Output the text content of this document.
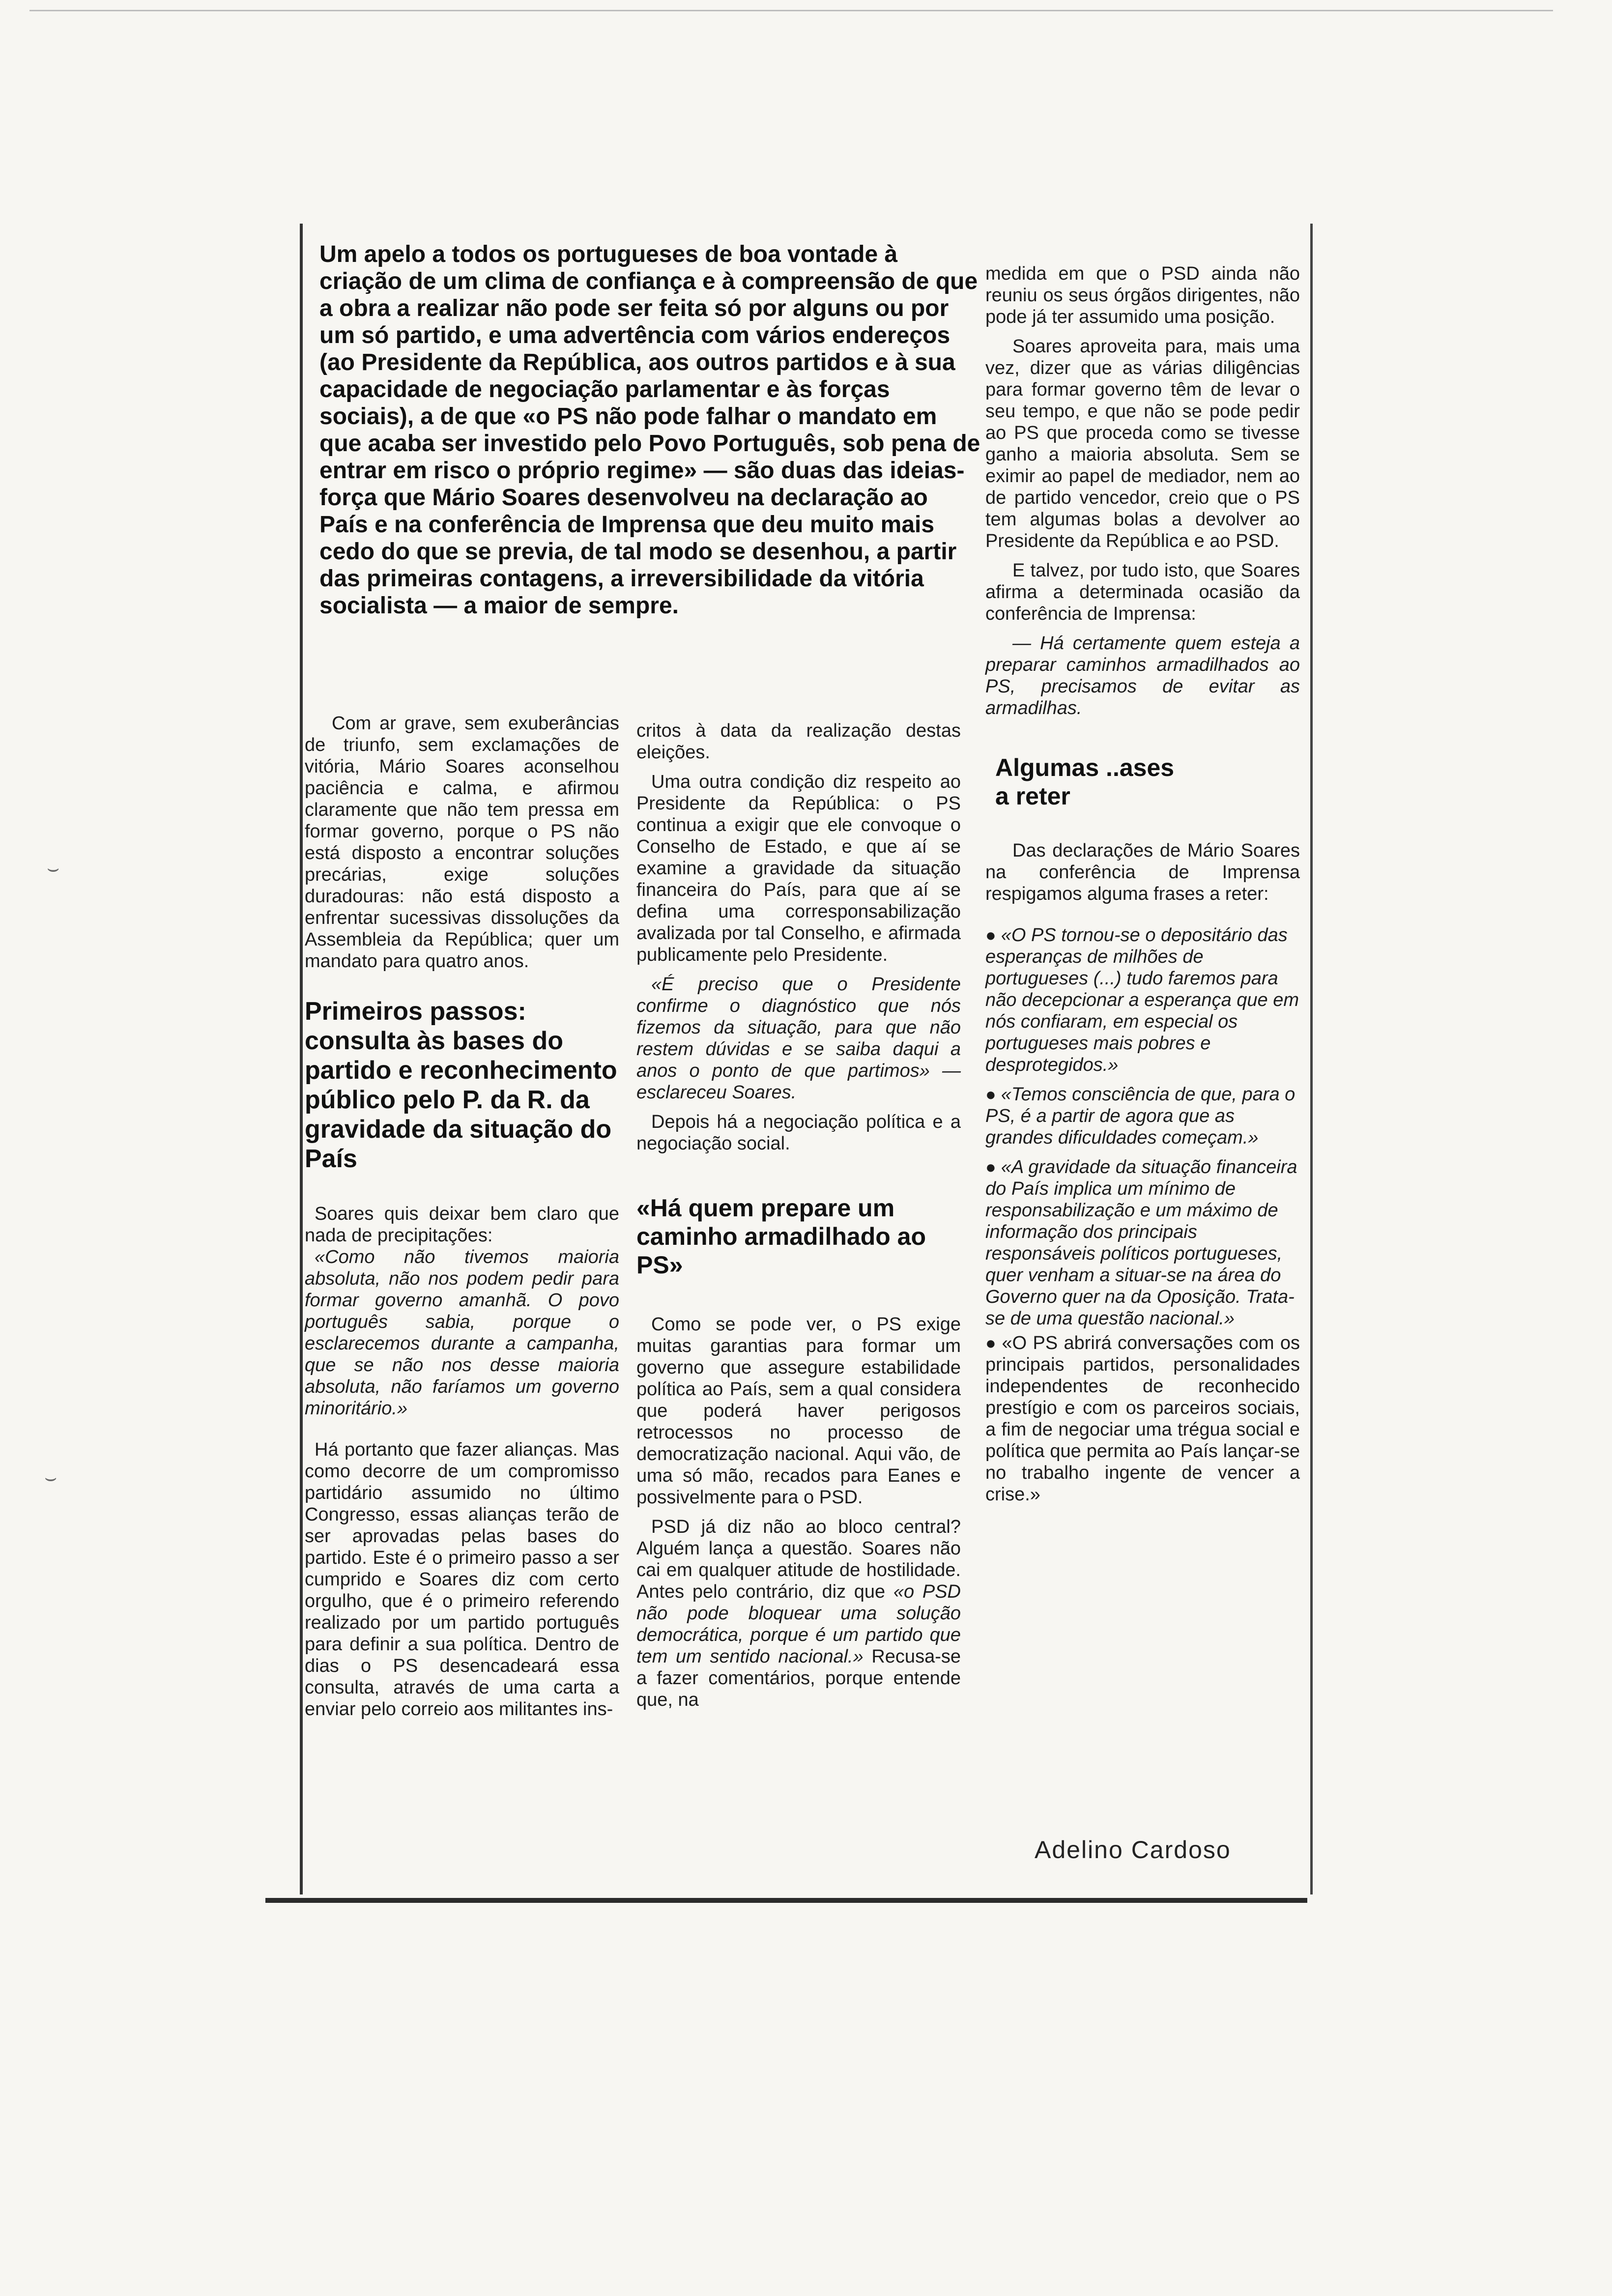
Um apelo a todos os portugueses de boa vontade à criação de um clima de confiança e à compreensão de que a obra a realizar não pode ser feita só por alguns ou por um só partido, e uma advertência com vários endereços (ao Presidente da República, aos outros partidos e à sua capacidade de negociação parlamentar e às forças sociais), a de que «o PS não pode falhar o mandato em que acaba ser investido pelo Povo Português, sob pena de entrar em risco o próprio regime» — são duas das ideias-força que Mário Soares desenvolveu na declaração ao País e na conferência de Imprensa que deu muito mais cedo do que se previa, de tal modo se desenhou, a partir das primeiras contagens, a irreversibilidade da vitória socialista — a maior de sempre.

Com ar grave, sem exuberâncias de triunfo, sem exclamações de vitória, Mário Soares aconselhou paciência e calma, e afirmou claramente que não tem pressa em formar governo, porque o PS não está disposto a encontrar soluções precárias, exige soluções duradouras: não está disposto a enfrentar sucessivas dissoluções da Assembleia da República; quer um mandato para quatro anos.

Primeiros passos: consulta às bases do partido e reconhecimento público pelo P. da R. da gravidade da situação do País

Soares quis deixar bem claro que nada de precipitações:

«Como não tivemos maioria absoluta, não nos podem pedir para formar governo amanhã. O povo português sabia, porque o esclarecemos durante a campanha, que se não nos desse maioria absoluta, não faríamos um governo minoritário.»

Há portanto que fazer alianças. Mas como decorre de um compromisso partidário assumido no último Congresso, essas alianças terão de ser aprovadas pelas bases do partido. Este é o primeiro passo a ser cumprido e Soares diz com certo orgulho, que é o primeiro referendo realizado por um partido português para definir a sua política. Dentro de dias o PS desencadeará essa consulta, através de uma carta a enviar pelo correio aos militantes ins-

critos à data da realização destas eleições.

Uma outra condição diz respeito ao Presidente da República: o PS continua a exigir que ele convoque o Conselho de Estado, e que aí se examine a gravidade da situação financeira do País, para que aí se defina uma corresponsabilização avalizada por tal Conselho, e afirmada publicamente pelo Presidente.

«É preciso que o Presidente confirme o diagnóstico que nós fizemos da situação, para que não restem dúvidas e se saiba daqui a anos o ponto de que partimos» — esclareceu Soares.

Depois há a negociação política e a negociação social.

«Há quem prepare um caminho armadilhado ao PS»

Como se pode ver, o PS exige muitas garantias para formar um governo que assegure estabilidade política ao País, sem a qual considera que poderá haver perigosos retrocessos no processo de democratização nacional. Aqui vão, de uma só mão, recados para Eanes e possivelmente para o PSD.

PSD já diz não ao bloco central? Alguém lança a questão. Soares não cai em qualquer atitude de hostilidade. Antes pelo contrário, diz que «o PSD não pode bloquear uma solução democrática, porque é um partido que tem um sentido nacional.» Recusa-se a fazer comentários, porque entende que, na

medida em que o PSD ainda não reuniu os seus órgãos dirigentes, não pode já ter assumido uma posição.

Soares aproveita para, mais uma vez, dizer que as várias diligências para formar governo têm de levar o seu tempo, e que não se pode pedir ao PS que proceda como se tivesse ganho a maioria absoluta. Sem se eximir ao papel de mediador, nem ao de partido vencedor, creio que o PS tem algumas bolas a devolver ao Presidente da República e ao PSD.

E talvez, por tudo isto, que Soares afirma a determinada ocasião da conferência de Imprensa:

— Há certamente quem esteja a preparar caminhos armadilhados ao PS, precisamos de evitar as armadilhas.

Algumas ..ases a reter

Das declarações de Mário Soares na conferência de Imprensa respigamos alguma frases a reter:

● «O PS tornou-se o depositário das esperanças de milhões de portugueses (...) tudo faremos para não decepcionar a esperança que em nós confiaram, em especial os portugueses mais pobres e desprotegidos.»

● «Temos consciência de que, para o PS, é a partir de agora que as grandes dificuldades começam.»

● «A gravidade da situação financeira do País implica um mínimo de responsabilização e um máximo de informação dos principais responsáveis políticos portugueses, quer venham a situar-se na área do Governo quer na da Oposição. Trata-se de uma questão nacional.»

● «O PS abrirá conversações com os principais partidos, personalidades independentes de reconhecido prestígio e com os parceiros sociais, a fim de negociar uma trégua social e política que permita ao País lançar-se no trabalho ingente de vencer a crise.»

Adelino Cardoso
⌣
⌣
